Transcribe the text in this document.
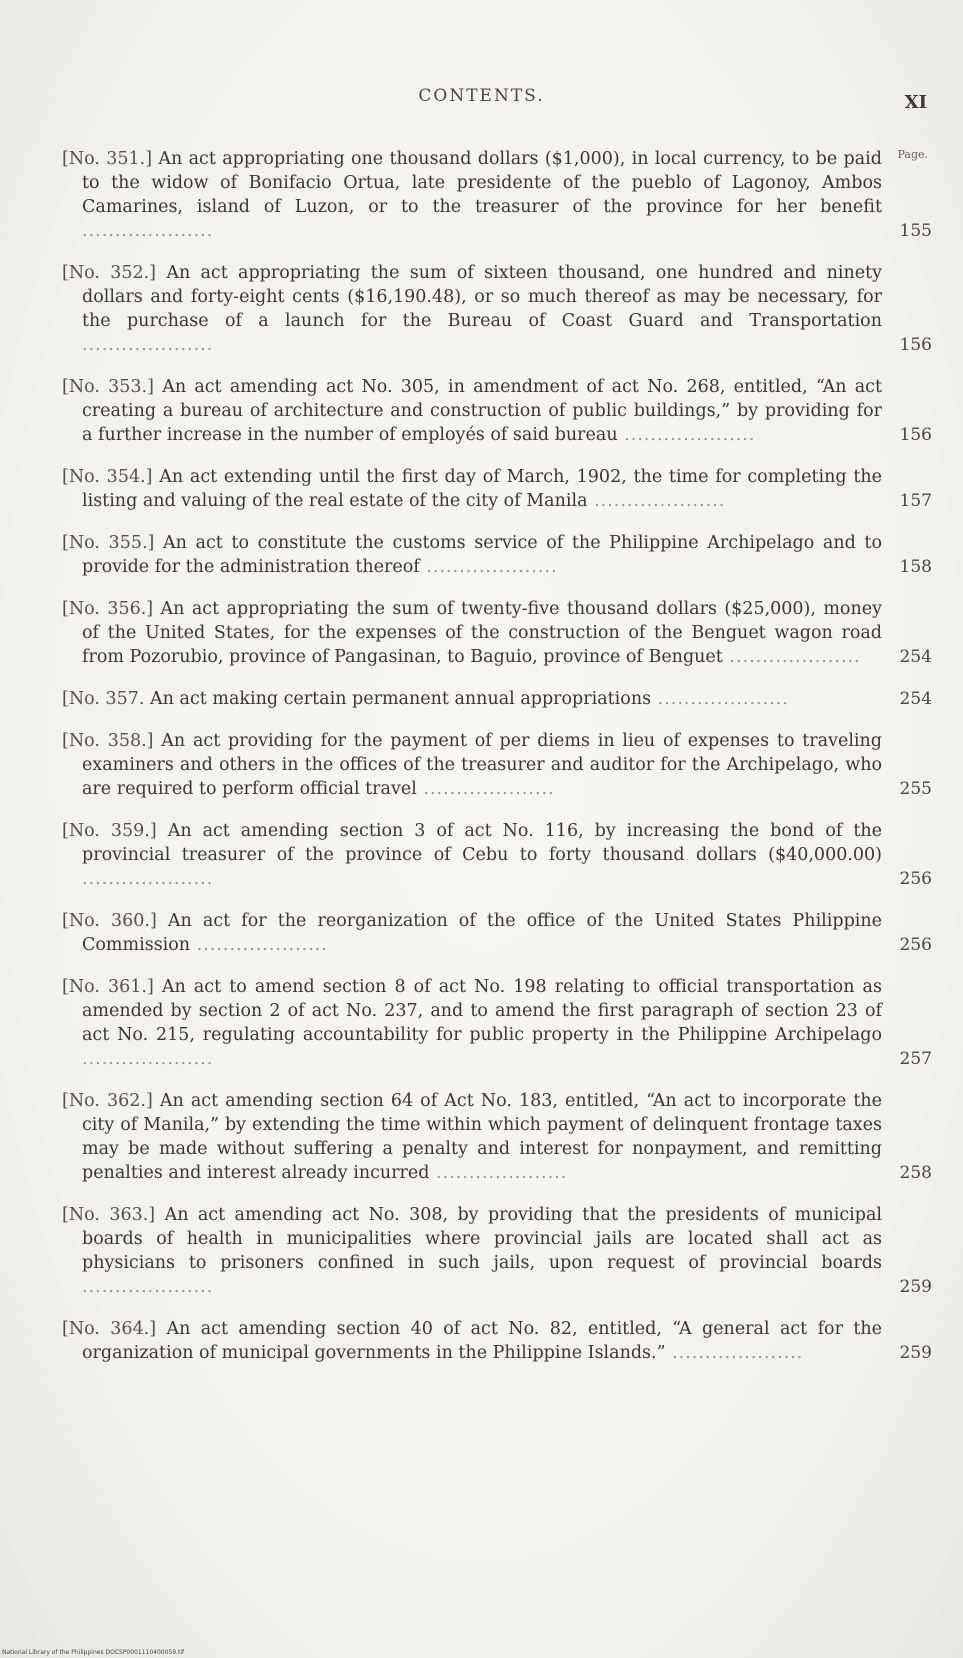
CONTENTS.	XI
Page.
[No. 351.] An act appropriating one thousand dollars ($1,000), in local currency, to be paid to the widow of Bonifacio Ortua, late presidente of the pueblo of Lagonoy, Ambos Camarines, island of Luzon, or to the treasurer of the province for her benefit ....................	155
[No. 352.] An act appropriating the sum of sixteen thousand, one hundred and ninety dollars and forty-eight cents ($16,190.48), or so much thereof as may be necessary, for the purchase of a launch for the Bureau of Coast Guard and Transportation ....................	156
[No. 353.] An act amending act No. 305, in amendment of act No. 268, entitled, “An act creating a bureau of architecture and construction of public buildings,” by providing for a further increase in the number of employés of said bureau ....................	156
[No. 354.] An act extending until the first day of March, 1902, the time for completing the listing and valuing of the real estate of the city of Manila ....................	157
[No. 355.] An act to constitute the customs service of the Philippine Archipelago and to provide for the administration thereof ....................	158
[No. 356.] An act appropriating the sum of twenty-five thousand dollars ($25,000), money of the United States, for the expenses of the construction of the Benguet wagon road from Pozorubio, province of Pangasinan, to Baguio, province of Benguet ....................	254
[No. 357. An act making certain permanent annual appropriations ....................	254
[No. 358.] An act providing for the payment of per diems in lieu of expenses to traveling examiners and others in the offices of the treasurer and auditor for the Archipelago, who are required to perform official travel ....................	255
[No. 359.] An act amending section 3 of act No. 116, by increasing the bond of the provincial treasurer of the province of Cebu to forty thousand dollars ($40,000.00) ....................	256
[No. 360.] An act for the reorganization of the office of the United States Philippine Commission ....................	256
[No. 361.] An act to amend section 8 of act No. 198 relating to official transportation as amended by section 2 of act No. 237, and to amend the first paragraph of section 23 of act No. 215, regulating accountability for public property in the Philippine Archipelago ....................	257
[No. 362.] An act amending section 64 of Act No. 183, entitled, “An act to incorporate the city of Manila,” by extending the time within which payment of delinquent frontage taxes may be made without suffering a penalty and interest for nonpayment, and remitting penalties and interest already incurred ....................	258
[No. 363.] An act amending act No. 308, by providing that the presidents of municipal boards of health in municipalities where provincial jails are located shall act as physicians to prisoners confined in such jails, upon request of provincial boards ....................	259
[No. 364.] An act amending section 40 of act No. 82, entitled, “A general act for the organization of municipal governments in the Philippine Islands.” ....................	259
National Library of the Philippines DOCSP0001110400059.tif
